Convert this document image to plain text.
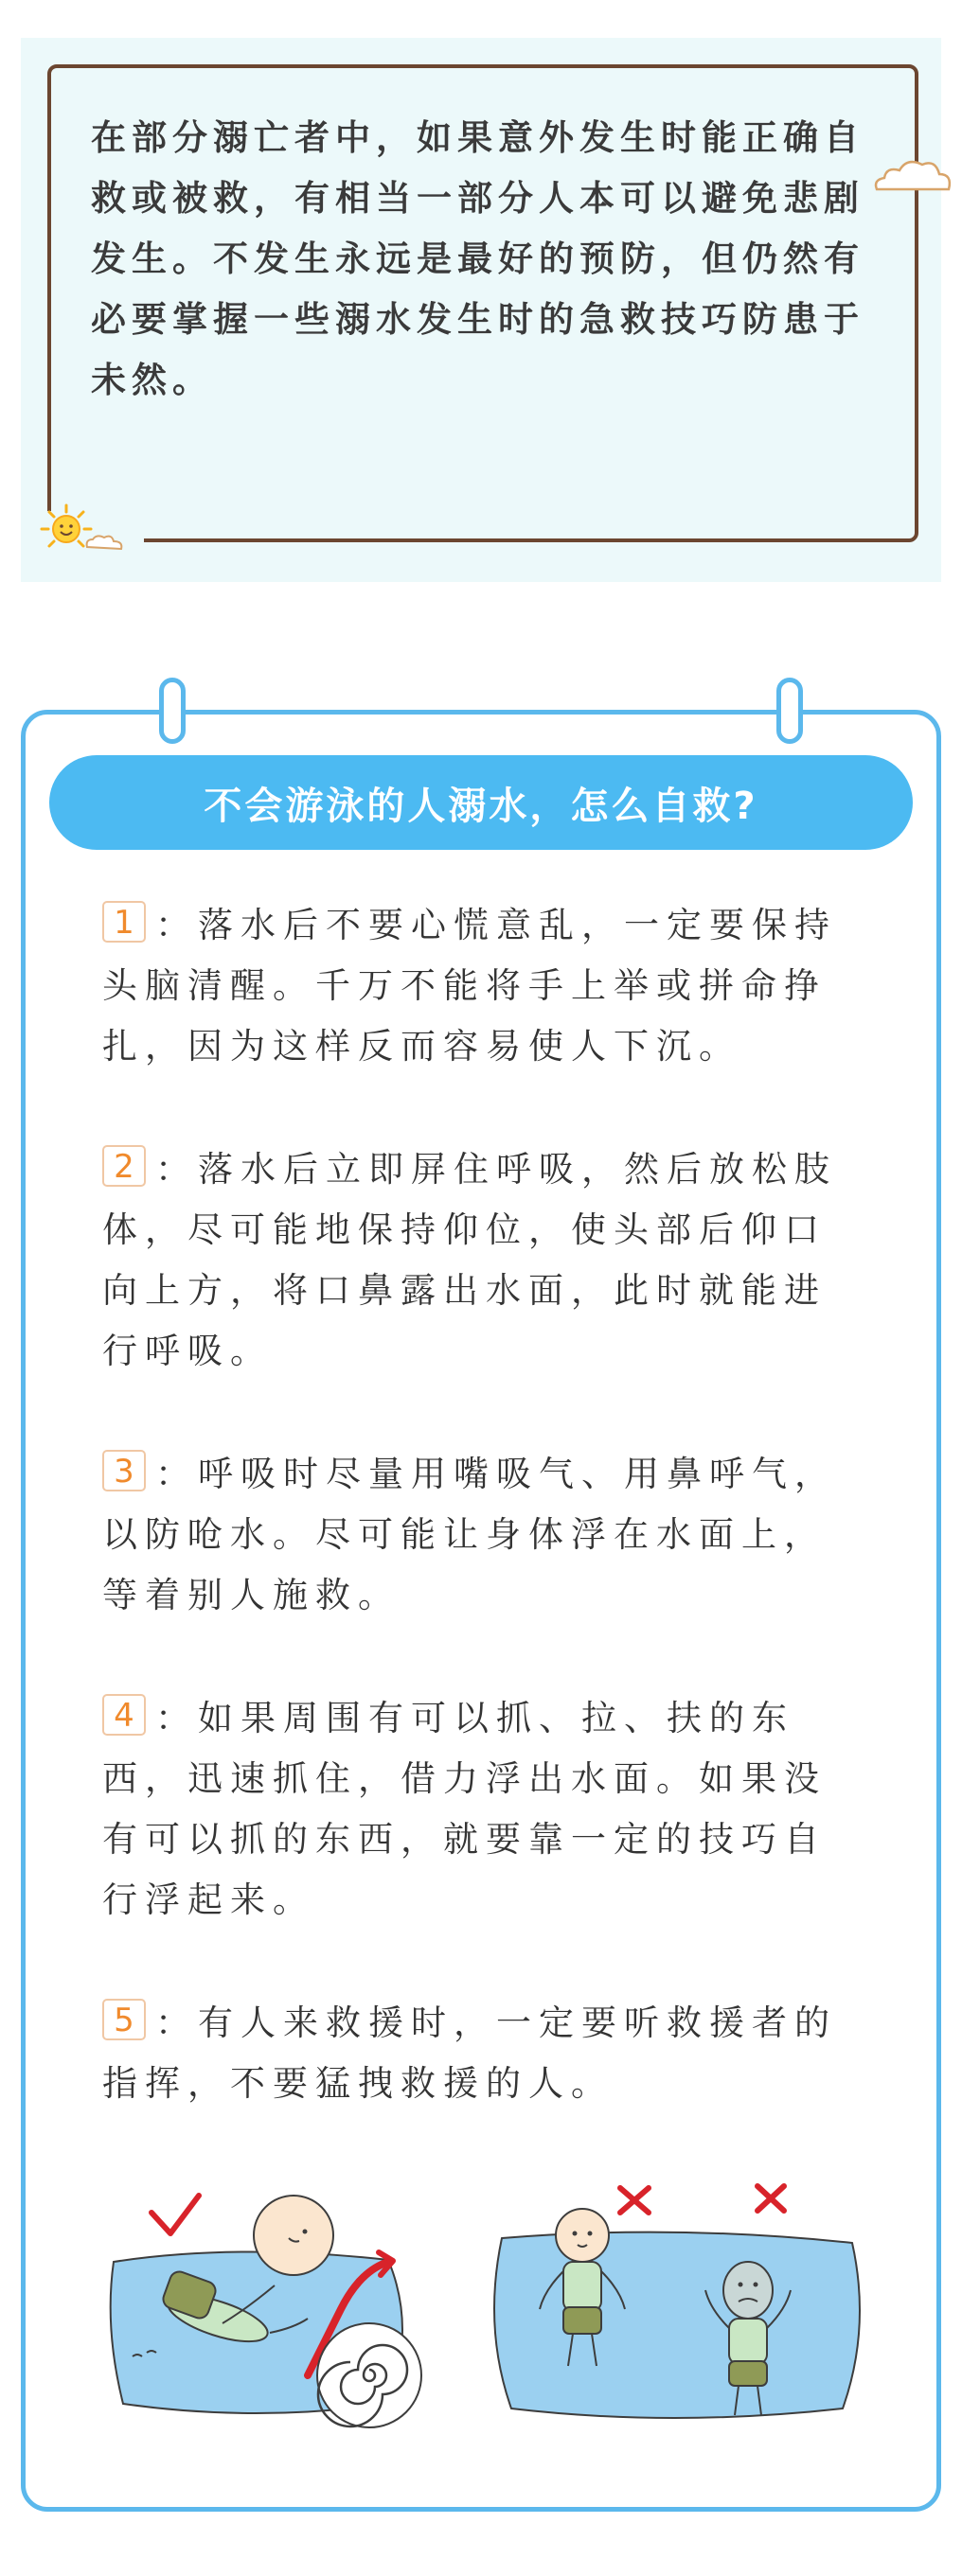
在部分溺亡者中，如果意外发生时能正确自救或被救，有相当一部分人本可以避免悲剧发生。不发生永远是最好的预防，但仍然有必要掌握一些溺水发生时的急救技巧防患于未然。

不会游泳的人溺水，怎么自救?

1 ：落水后不要心慌意乱，一定要保持头脑清醒。千万不能将手上举或拼命挣扎，因为这样反而容易使人下沉。

2 ：落水后立即屏住呼吸，然后放松肢体，尽可能地保持仰位，使头部后仰口向上方，将口鼻露出水面，此时就能进行呼吸。

3 ：呼吸时尽量用嘴吸气、用鼻呼气，以防呛水。尽可能让身体浮在水面上，等着别人施救。

4 ：如果周围有可以抓、拉、扶的东西，迅速抓住，借力浮出水面。如果没有可以抓的东西，就要靠一定的技巧自行浮起来。

5 ：有人来救援时，一定要听救援者的指挥，不要猛拽救援的人。
